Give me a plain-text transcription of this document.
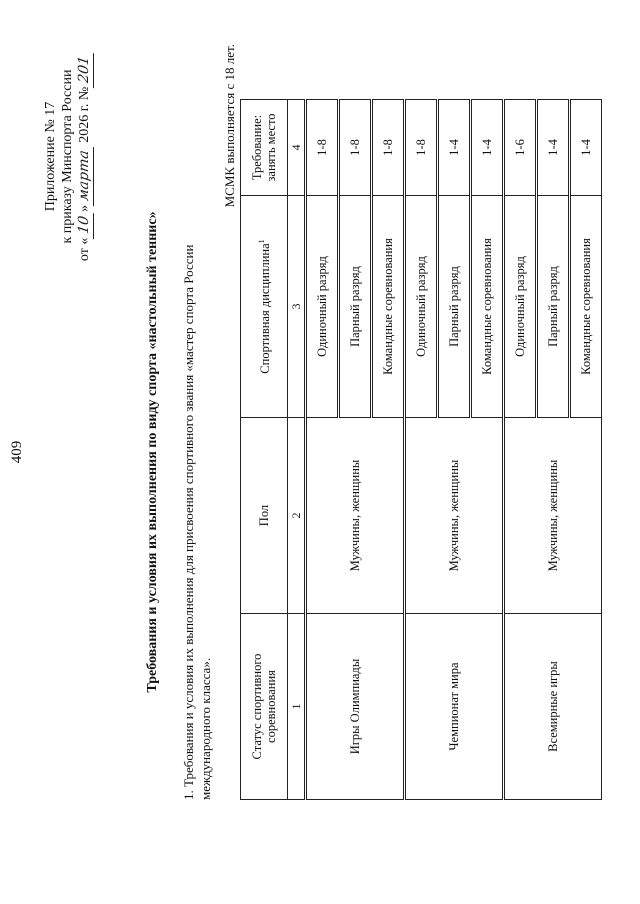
409
Приложение № 17 к приказу Минспорта России
от «10»марта 2026 г. №201
Требования и условия их выполнения по виду спорта «настольный теннис» 1. Требования и условия их выполнения для присвоения спортивного звания «мастер спорта России международного класса».
МСМК выполняется с 18 лет.
Статус спортивного соревнования	Пол	Спортивная дисциплина$^1$	Требование: занять место
1	2	3	4
Игры Олимпиады	Мужчины, женщины	Одиночный разряд	1-8
		Парный разряд	1-8
		Командные соревнования	1-8
Чемпионат мира	Мужчины, женщины	Одиночный разряд	1-8
		Парный разряд	1-4
		Командные соревнования	1-4
Всемирные игры	Мужчины, женщины	Одиночный разряд	1-6
		Парный разряд	1-4
		Командные соревнования	1-4
